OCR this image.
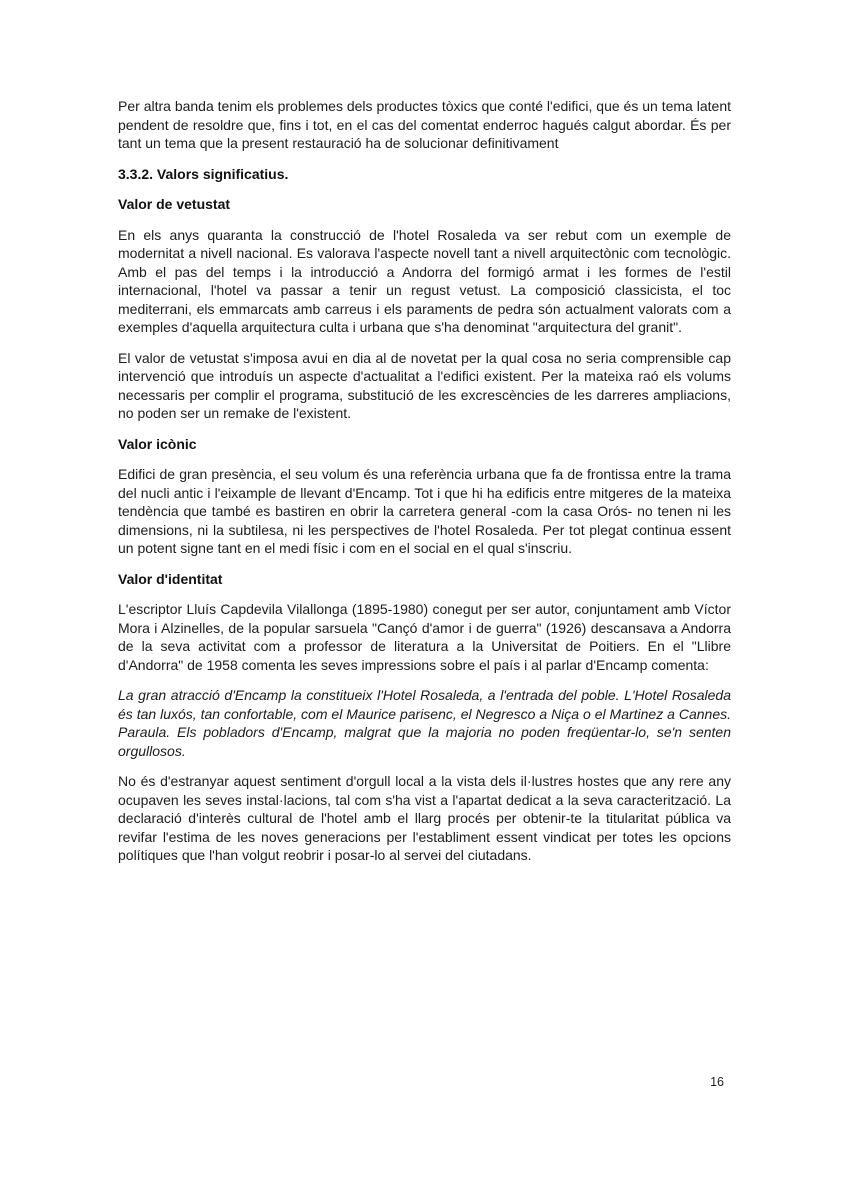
Per altra banda tenim els problemes dels productes tòxics que conté l'edifici, que és un tema latent pendent de resoldre que, fins i tot, en el cas del comentat enderroc hagués calgut abordar. És per tant un tema que la present restauració ha de solucionar definitivament

3.3.2. Valors significatius.
Valor de vetustat

En els anys quaranta la construcció de l'hotel Rosaleda va ser rebut com un exemple de modernitat a nivell nacional. Es valorava l'aspecte novell tant a nivell arquitectònic com tecnològic. Amb el pas del temps i la introducció a Andorra del formigó armat i les formes de l'estil internacional, l'hotel va passar a tenir un regust vetust. La composició classicista, el toc mediterrani, els emmarcats amb carreus i els paraments de pedra són actualment valorats com a exemples d'aquella arquitectura culta i urbana que s'ha denominat "arquitectura del granit".

El valor de vetustat s'imposa avui en dia al de novetat per la qual cosa no seria comprensible cap intervenció que introduís un aspecte d'actualitat a l'edifici existent. Per la mateixa raó els volums necessaris per complir el programa, substitució de les excrescències de les darreres ampliacions, no poden ser un remake de l'existent.

Valor icònic

Edifici de gran presència, el seu volum és una referència urbana que fa de frontissa entre la trama del nucli antic i l'eixample de llevant d'Encamp. Tot i que hi ha edificis entre mitgeres de la mateixa tendència que també es bastiren en obrir la carretera general -com la casa Orós- no tenen ni les dimensions, ni la subtilesa, ni les perspectives de l'hotel Rosaleda. Per tot plegat continua essent un potent signe tant en el medi físic i com en el social en el qual s'inscriu.

Valor d'identitat

L'escriptor Lluís Capdevila Vilallonga (1895-1980) conegut per ser autor, conjuntament amb Víctor Mora i Alzinelles, de la popular sarsuela "Cançó d'amor i de guerra" (1926) descansava a Andorra de la seva activitat com a professor de literatura a la Universitat de Poitiers. En el "Llibre d'Andorra" de 1958 comenta les seves impressions sobre el país i al parlar d'Encamp comenta:

La gran atracció d'Encamp la constitueix l'Hotel Rosaleda, a l'entrada del poble. L'Hotel Rosaleda és tan luxós, tan confortable, com el Maurice parisenc, el Negresco a Niça o el Martinez a Cannes. Paraula. Els pobladors d'Encamp, malgrat que la majoria no poden freqüentar-lo, se'n senten orgullosos.

No és d'estranyar aquest sentiment d'orgull local a la vista dels il·lustres hostes que any rere any ocupaven les seves instal·lacions, tal com s'ha vist a l'apartat dedicat a la seva caracterització. La declaració d'interès cultural de l'hotel amb el llarg procés per obtenir-te la titularitat pública va revifar l'estima de les noves generacions per l'establiment essent vindicat per totes les opcions polítiques que l'han volgut reobrir i posar-lo al servei del ciutadans.

16
